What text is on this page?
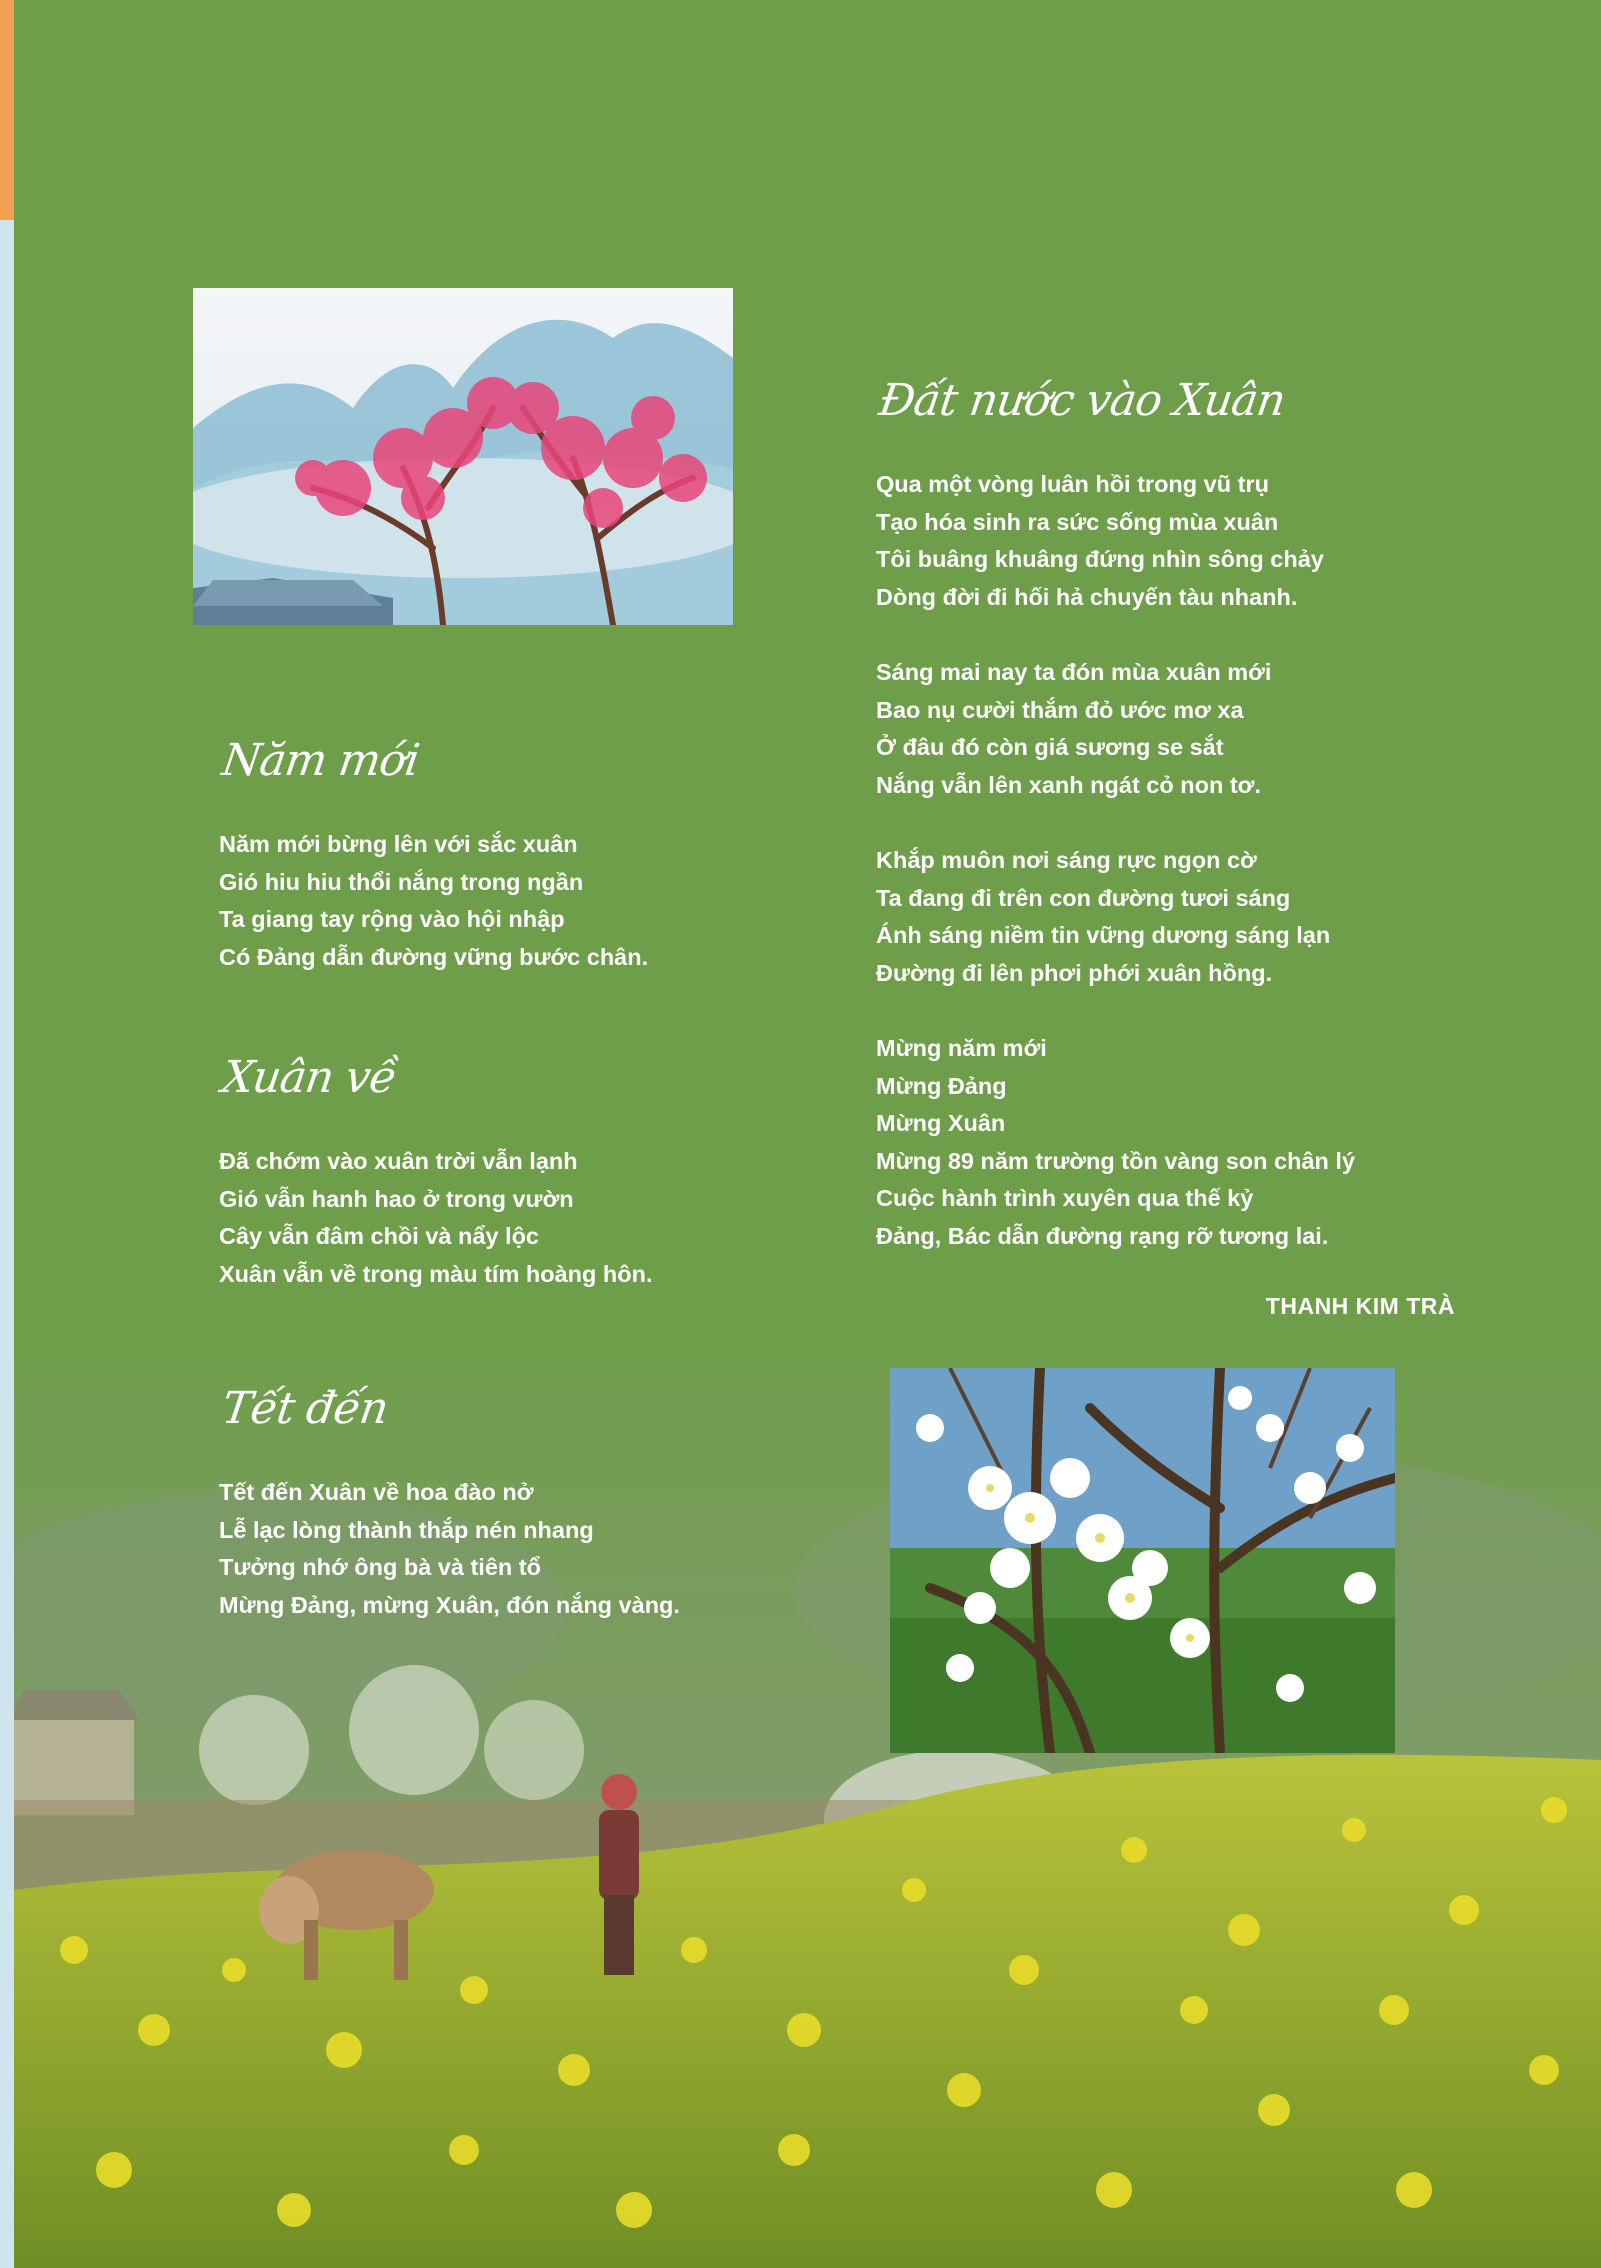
Năm mới
Năm mới bừng lên với sắc xuân
Gió hiu hiu thổi nắng trong ngần
Ta giang tay rộng vào hội nhập
Có Đảng dẫn đường vững bước chân.
Xuân về
Đã chớm vào xuân trời vẫn lạnh
Gió vẫn hanh hao ở trong vườn
Cây vẫn đâm chồi và nẩy lộc
Xuân vẫn về trong màu tím hoàng hôn.
Tết đến
Tết đến Xuân về hoa đào nở
Lễ lạc lòng thành thắp nén nhang
Tưởng nhớ ông bà và tiên tổ
Mừng Đảng, mừng Xuân, đón nắng vàng.
Đất nước vào Xuân
Qua một vòng luân hồi trong vũ trụ
Tạo hóa sinh ra sức sống mùa xuân
Tôi buâng khuâng đứng nhìn sông chảy
Dòng đời đi hối hả chuyến tàu nhanh.
Sáng mai nay ta đón mùa xuân mới
Bao nụ cười thắm đỏ ước mơ xa
Ở đâu đó còn giá sương se sắt
Nắng vẫn lên xanh ngát cỏ non tơ.
Khắp muôn nơi sáng rực ngọn cờ
Ta đang đi trên con đường tươi sáng
Ánh sáng niềm tin vững dương sáng lạn
Đường đi lên phơi phới xuân hồng.
Mừng năm mới
Mừng Đảng
Mừng Xuân
Mừng 89 năm trường tồn vàng son chân lý
Cuộc hành trình xuyên qua thế kỷ
Đảng, Bác dẫn đường rạng rỡ tương lai.
THANH KIM TRÀ
